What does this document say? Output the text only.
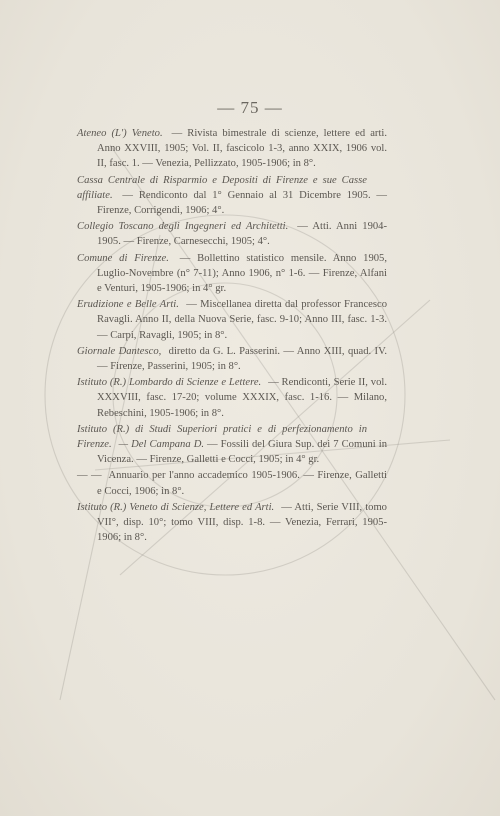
— 75 —
Ateneo (L') Veneto. — Rivista bimestrale di scienze, lettere ed arti. Anno XXVIII, 1905; Vol. II, fascicolo 1-3, anno XXIX, 1906 vol. II, fasc. 1. — Venezia, Pellizzato, 1905-1906; in 8°.
Cassa Centrale di Risparmio e Depositi di Firenze e sue Casse affiliate. — Rendiconto dal 1° Gennaio al 31 Dicembre 1905. — Firenze, Corrigendi, 1906; 4°.
Collegio Toscano degli Ingegneri ed Architetti. — Atti. Anni 1904-1905. — Firenze, Carnesecchi, 1905; 4°.
Comune di Firenze. — Bollettino statistico mensile. Anno 1905, Luglio-Novembre (n° 7-11); Anno 1906, n° 1-6. — Firenze, Alfani e Venturi, 1905-1906; in 4° gr.
Erudizione e Belle Arti. — Miscellanea diretta dal professor Francesco Ravagli. Anno II, della Nuova Serie, fasc. 9-10; Anno III, fasc. 1-3. — Carpi, Ravagli, 1905; in 8°.
Giornale Dantesco, diretto da G. L. Passerini. — Anno XIII, quad. IV. — Firenze, Passerini, 1905; in 8°.
Istituto (R.) Lombardo di Scienze e Lettere. — Rendiconti, Serie II, vol. XXXVIII, fasc. 17-20; volume XXXIX, fasc. 1-16. — Milano, Rebeschini, 1905-1906; in 8°.
Istituto (R.) di Studi Superiori pratici e di perfezionamento in Firenze. — Del Campana D. — Fossili del Giura Sup. dei 7 Comuni in Vicenza. — Firenze, Galletti e Cocci, 1905; in 4° gr.
— — Annuario per l'anno accademico 1905-1906. — Firenze, Galletti e Cocci, 1906; in 8°.
Istituto (R.) Veneto di Scienze, Lettere ed Arti. — Atti, Serie VIII, tomo VII°, disp. 10°; tomo VIII, disp. 1-8. — Venezia, Ferrari, 1905-1906; in 8°.
